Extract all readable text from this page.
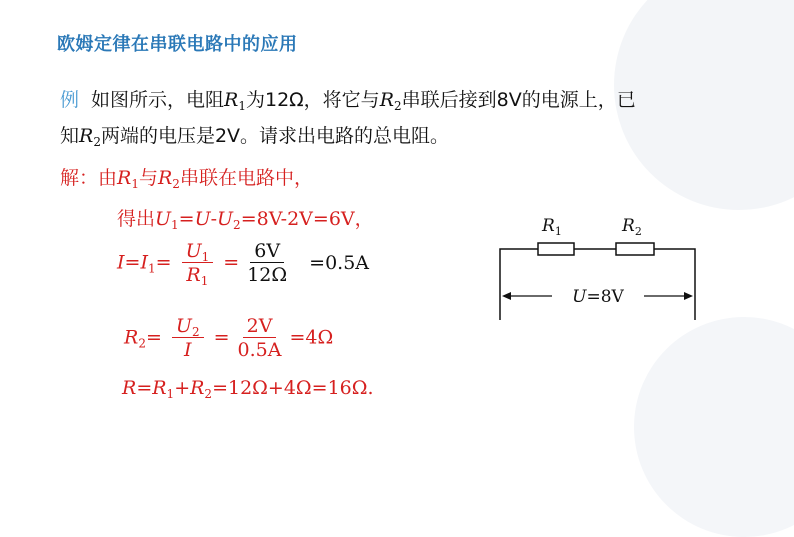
欧姆定律在串联电路中的应用
例 如图所示，电阻$R_1$为12Ω，将它与$R_2$串联后接到8V的电源上，已
知$R_2$两端的电压是2V。请求出电路的总电阻。
解：由$R_1$与$R_2$串联在电路中，
得出$U_1=U-U_2=8V-2V=6V$，
$I=I_1= \frac{U_1}{R_1} = \frac{6V}{12\Omega} =0.5A$
$R_2= \frac{U_2}{I} = \frac{2V}{0.5A} =4\Omega$
$R=R_1+R_2=12\Omega+4\Omega=16\Omega$.
$R_1$	$R_2$
U=8V
